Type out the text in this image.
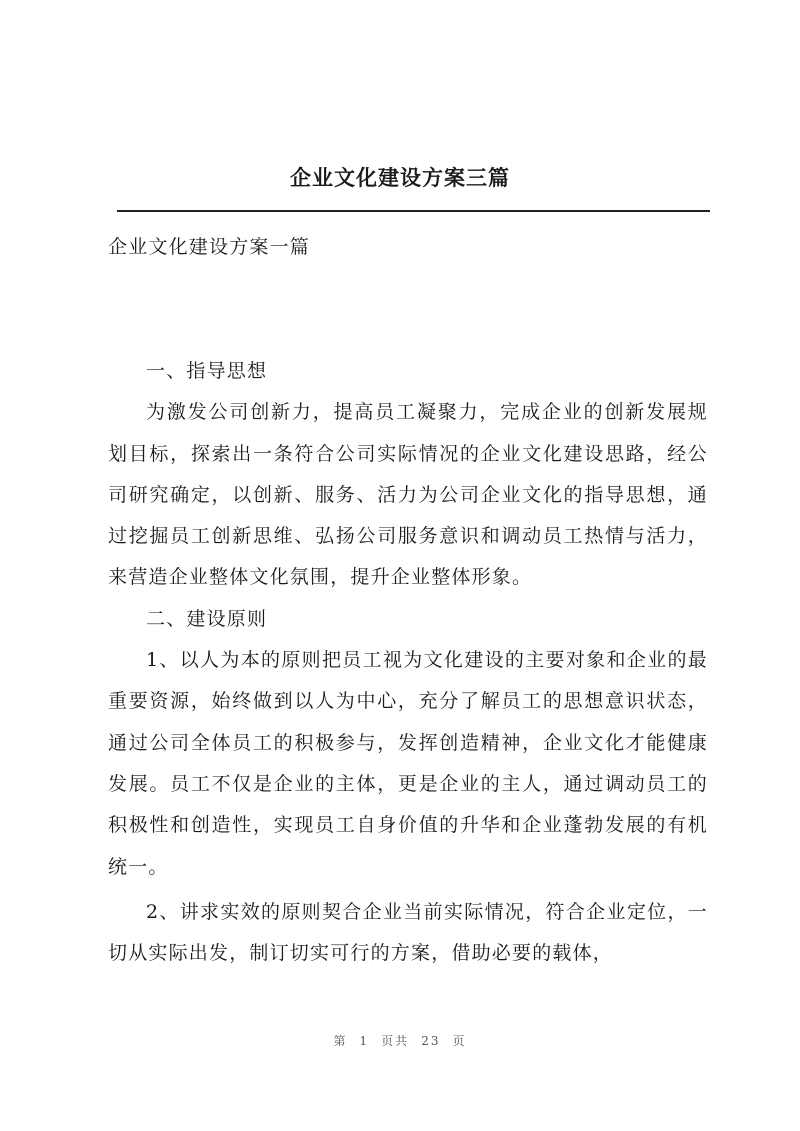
企业文化建设方案三篇

企业文化建设方案一篇

一、指导思想

为激发公司创新力，提高员工凝聚力，完成企业的创新发展规划目标，探索出一条符合公司实际情况的企业文化建设思路，经公司研究确定，以创新、服务、活力为公司企业文化的指导思想，通过挖掘员工创新思维、弘扬公司服务意识和调动员工热情与活力，来营造企业整体文化氛围，提升企业整体形象。

二、建设原则

1、以人为本的原则把员工视为文化建设的主要对象和企业的最重要资源，始终做到以人为中心，充分了解员工的思想意识状态，通过公司全体员工的积极参与，发挥创造精神，企业文化才能健康发展。员工不仅是企业的主体，更是企业的主人，通过调动员工的积极性和创造性，实现员工自身价值的升华和企业蓬勃发展的有机统一。

2、讲求实效的原则契合企业当前实际情况，符合企业定位，一切从实际出发，制订切实可行的方案，借助必要的载体，

第 1 页共 23 页
